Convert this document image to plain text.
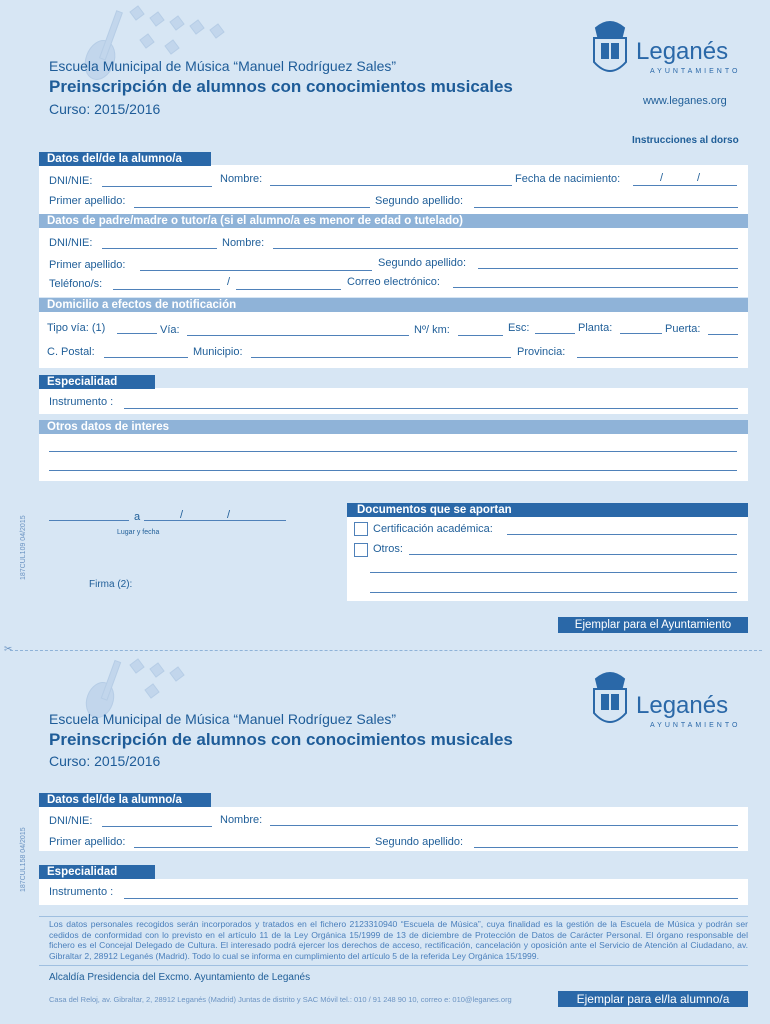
Escuela Municipal de Música “Manuel Rodríguez Sales”
Preinscripción de alumnos con conocimientos musicales
Curso: 2015/2016
Leganés
AYUNTAMIENTO
www.leganes.org
Instrucciones al dorso
Datos del/de la alumno/a
DNI/NIE:	Nombre:	Fecha de nacimiento:	/	/
Primer apellido:	Segundo apellido:
Datos de padre/madre o tutor/a (si el alumno/a es menor de edad o tutelado)
DNI/NIE:	Nombre:
Primer apellido:	Segundo apellido:
Teléfono/s:	/	Correo electrónico:
Domicilio a efectos de notificación
Tipo vía: (1)	Vía:	Nº/ km:	Esc:	Planta:	Puerta:
C. Postal:	Municipio:	Provincia:
Especialidad
Instrumento :
Otros datos de interes
187CUL109 04/2015	a	/	/
Lugar y fecha
Firma (2):
Documentos que se aportan
Certificación académica:
Otros:
Ejemplar para el Ayuntamiento
✂
Escuela Municipal de Música “Manuel Rodríguez Sales”
Preinscripción de alumnos con conocimientos musicales
Curso: 2015/2016
Leganés
AYUNTAMIENTO
Datos del/de la alumno/a
DNI/NIE:	Nombre:
Primer apellido:	Segundo apellido:
187CUL158 04/2015	Especialidad
Instrumento :
Los datos personales recogidos serán incorporados y tratados en el fichero 2123310940 “Escuela de Música”, cuya finalidad es la gestión de la Escuela de Música y podrán ser cedidos de conformidad con lo previsto en el artículo 11 de la Ley Orgánica 15/1999 de 13 de diciembre de Protección de Datos de Carácter Personal. El órgano responsable del fichero es el Concejal Delegado de Cultura. El interesado podrá ejercer los derechos de acceso, rectificación, cancelación y oposición ante el Servicio de Atención al Ciudadano, av. Gibraltar 2, 28912 Leganés (Madrid). Todo lo cual se informa en cumplimiento del artículo 5 de la referida Ley Orgánica 15/1999.
Alcaldía Presidencia del Excmo. Ayuntamiento de Leganés
Casa del Reloj, av. Gibraltar, 2, 28912 Leganés (Madrid) Juntas de distrito y SAC Móvil tel.: 010 / 91 248 90 10, correo e: 010@leganes.org	Ejemplar para el/la alumno/a
